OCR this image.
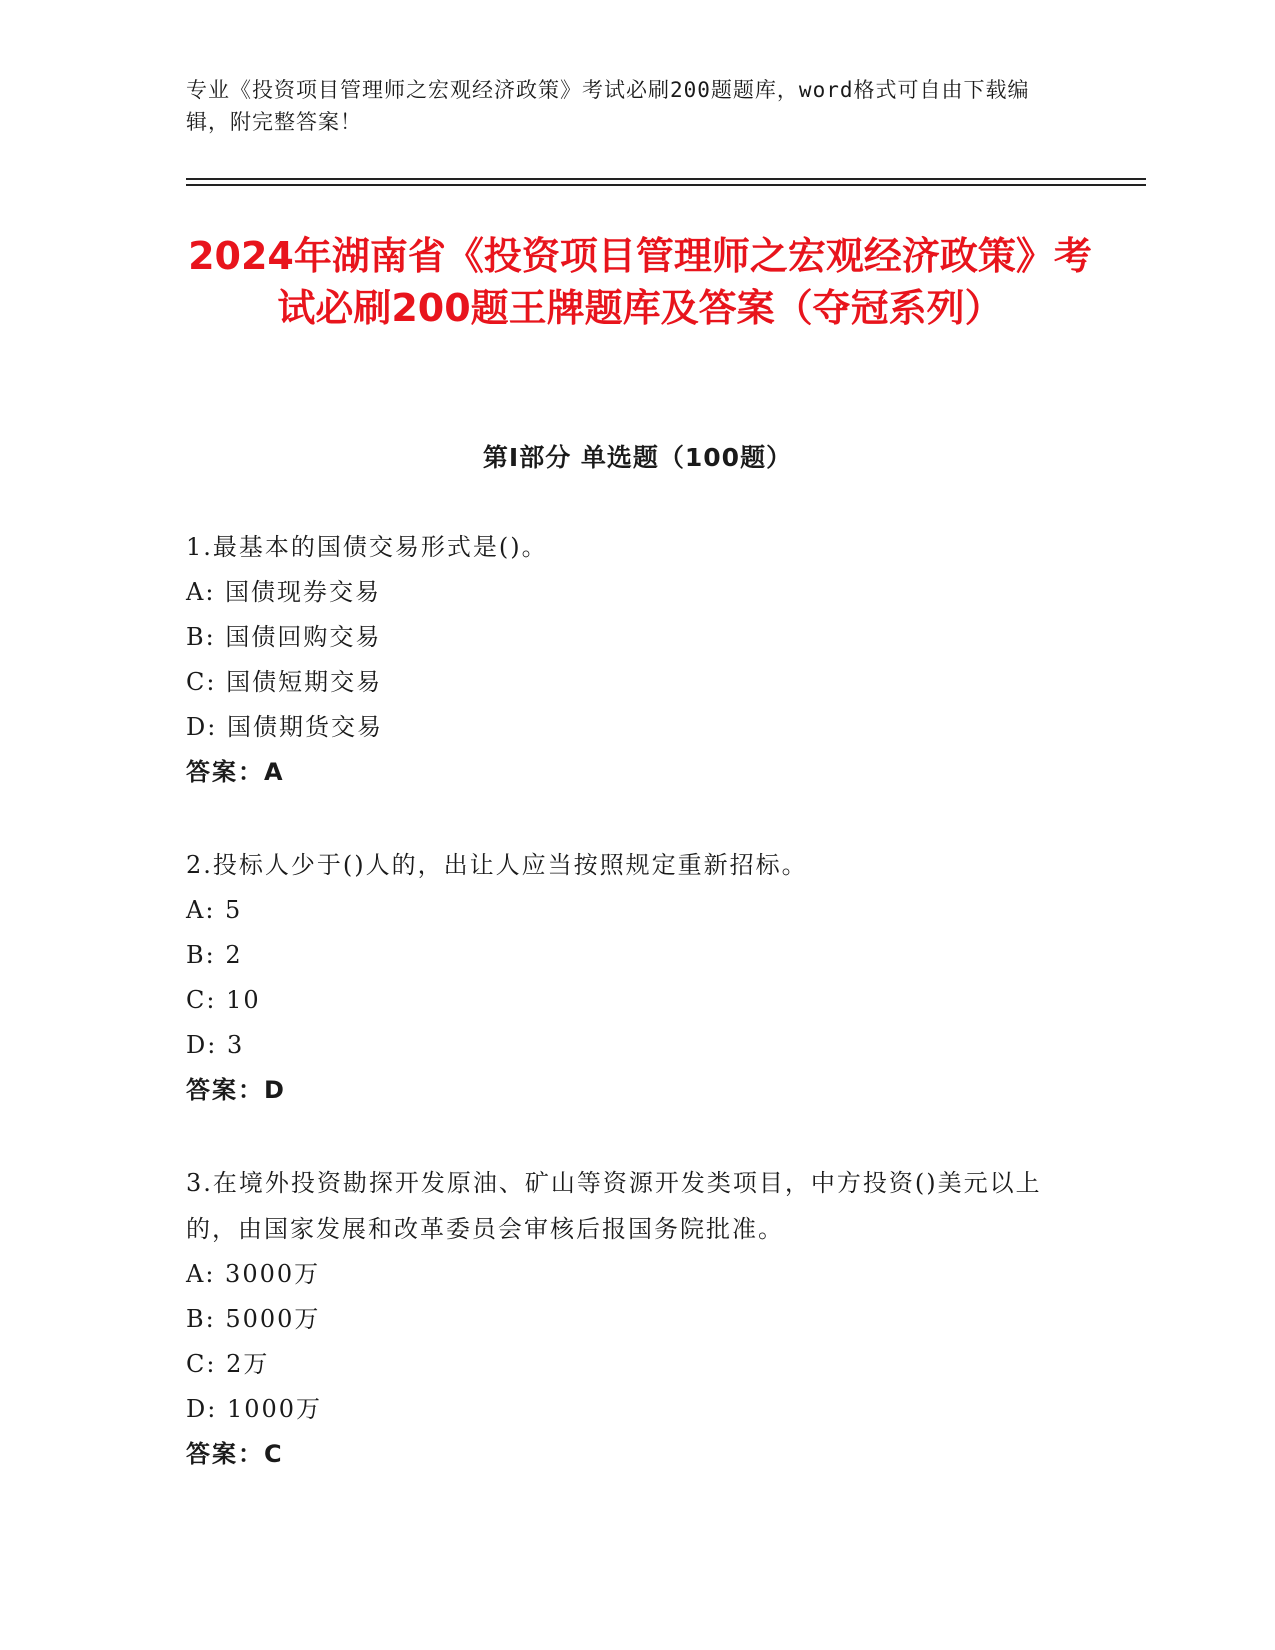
专业《投资项目管理师之宏观经济政策》考试必刷200题题库，word格式可自由下载编辑，附完整答案！
2024年湖南省《投资项目管理师之宏观经济政策》考试必刷200题王牌题库及答案（夺冠系列）
第I部分 单选题（100题）
1.最基本的国债交易形式是()。
A: 国债现券交易
B: 国债回购交易
C: 国债短期交易
D: 国债期货交易
答案：A
2.投标人少于()人的，出让人应当按照规定重新招标。
A: 5
B: 2
C: 10
D: 3
答案：D
3.在境外投资勘探开发原油、矿山等资源开发类项目，中方投资()美元以上的，由国家发展和改革委员会审核后报国务院批准。
A: 3000万
B: 5000万
C: 2万
D: 1000万
答案：C
